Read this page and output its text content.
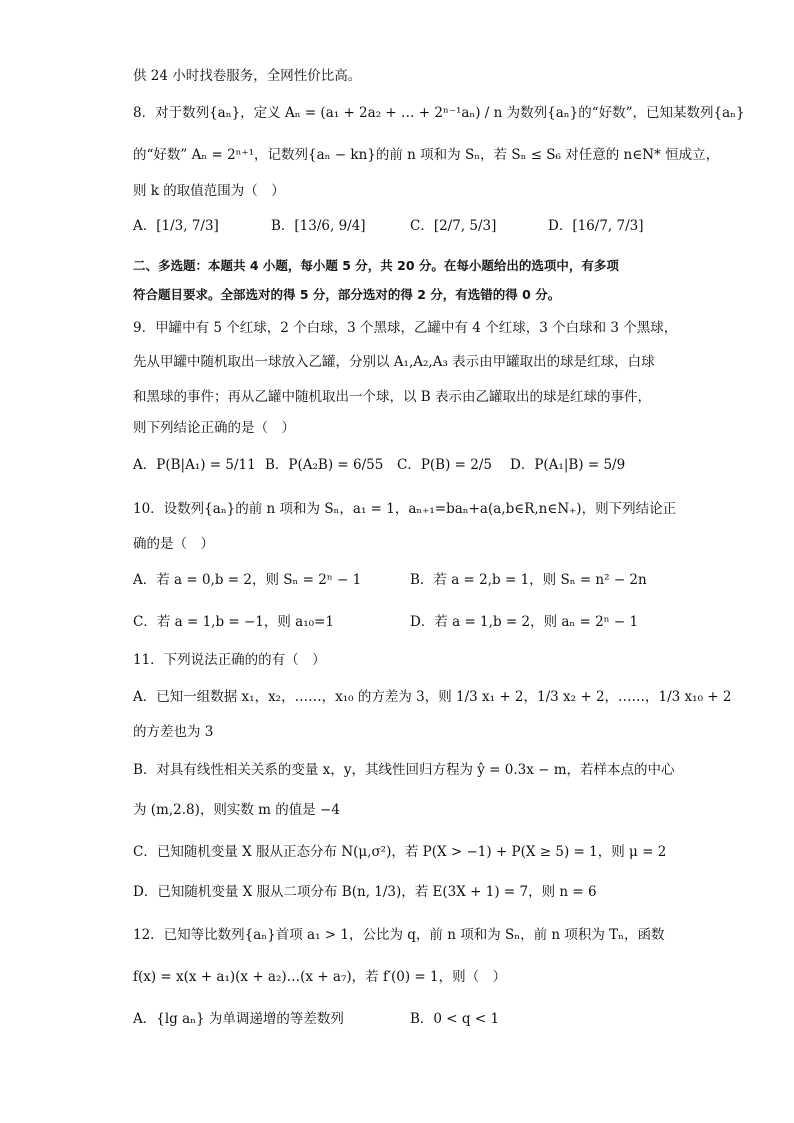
供 24 小时找卷服务，全网性价比高。
8．对于数列{aₙ}，定义 Aₙ = (a₁ + 2a₂ + … + 2ⁿ⁻¹aₙ) / n 为数列{aₙ}的“好数”，已知某数列{aₙ}
的“好数” Aₙ = 2ⁿ⁺¹，记数列{aₙ − kn}的前 n 项和为 Sₙ，若 Sₙ ≤ S₆ 对任意的 n∈N* 恒成立，
则 k 的取值范围为（　）
A．[1/3, 7/3]	B．[13/6, 9/4]	C．[2/7, 5/3]	D．[16/7, 7/3]
二、多选题：本题共 4 小题，每小题 5 分，共 20 分。在每小题给出的选项中，有多项
符合题目要求。全部选对的得 5 分，部分选对的得 2 分，有选错的得 0 分。
9．甲罐中有 5 个红球，2 个白球，3 个黑球，乙罐中有 4 个红球，3 个白球和 3 个黑球，
先从甲罐中随机取出一球放入乙罐，分别以 A₁,A₂,A₃ 表示由甲罐取出的球是红球，白球
和黑球的事件；再从乙罐中随机取出一个球，以 B 表示由乙罐取出的球是红球的事件，
则下列结论正确的是（　）
A．P(B|A₁) = 5/11 B．P(A₂B) = 6/55 C．P(B) = 2/5 D．P(A₁|B) = 5/9
10．设数列{aₙ}的前 n 项和为 Sₙ，a₁ = 1，aₙ₊₁=baₙ+a(a,b∈R,n∈N₊)，则下列结论正
确的是（　）
A．若 a = 0,b = 2，则 Sₙ = 2ⁿ − 1	B．若 a = 2,b = 1，则 Sₙ = n² − 2n
C．若 a = 1,b = −1，则 a₁₀=1	D．若 a = 1,b = 2，则 aₙ = 2ⁿ − 1
11．下列说法正确的的有（　）
A．已知一组数据 x₁，x₂，……，x₁₀ 的方差为 3，则 1/3 x₁ + 2，1/3 x₂ + 2，……，1/3 x₁₀ + 2
的方差也为 3
B．对具有线性相关关系的变量 x，y，其线性回归方程为 ŷ = 0.3x − m，若样本点的中心
为 (m,2.8)，则实数 m 的值是 −4
C．已知随机变量 X 服从正态分布 N(μ,σ²)，若 P(X > −1) + P(X ≥ 5) = 1，则 μ = 2
D．已知随机变量 X 服从二项分布 B(n, 1/3)，若 E(3X + 1) = 7，则 n = 6
12．已知等比数列{aₙ}首项 a₁ > 1，公比为 q，前 n 项和为 Sₙ，前 n 项积为 Tₙ，函数
f(x) = x(x + a₁)(x + a₂)…(x + a₇)，若 f′(0) = 1，则（　）
A．{lg aₙ} 为单调递增的等差数列	B．0 < q < 1
